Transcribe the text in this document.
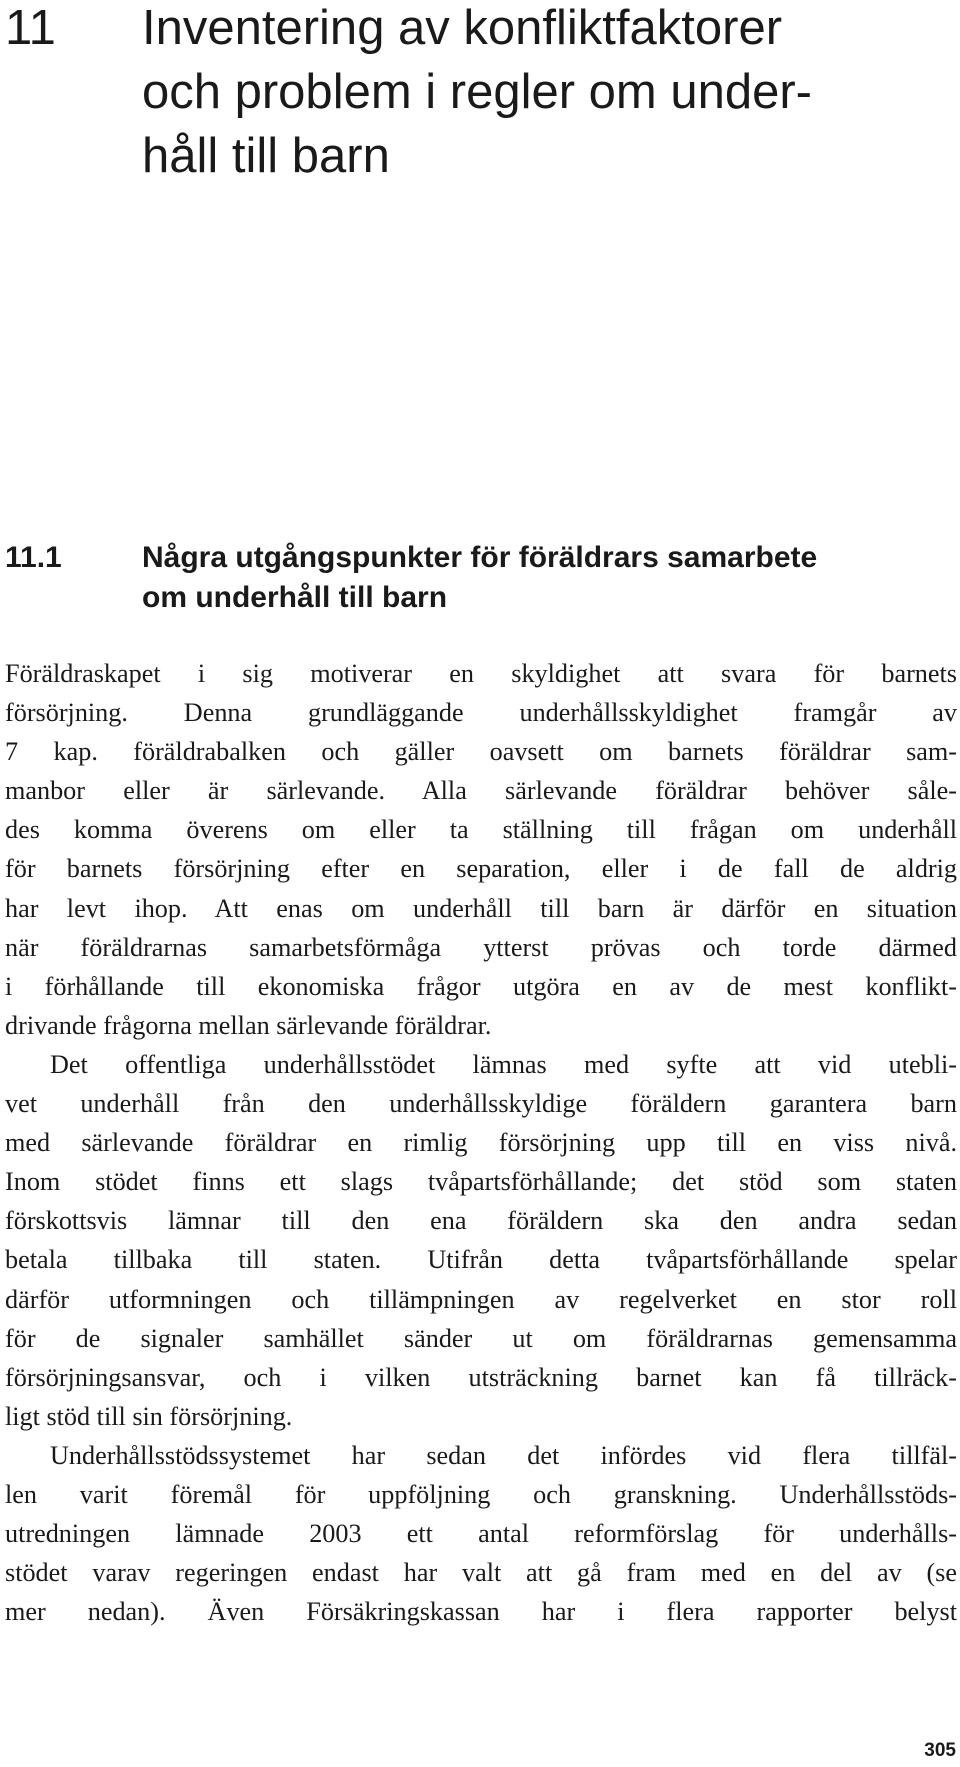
11 Inventering av konfliktfaktorer
och problem i regler om under-
håll till barn
11.1	Några utgångspunkter för föräldrars samarbete
om underhåll till barn
Föräldraskapet i sig motiverar en skyldighet att svara för barnets
försörjning. Denna grundläggande underhållsskyldighet framgår av
7 kap. föräldrabalken och gäller oavsett om barnets föräldrar sam-
manbor eller är särlevande. Alla särlevande föräldrar behöver såle-
des komma överens om eller ta ställning till frågan om underhåll
för barnets försörjning efter en separation, eller i de fall de aldrig
har levt ihop. Att enas om underhåll till barn är därför en situation
när föräldrarnas samarbetsförmåga ytterst prövas och torde därmed
i förhållande till ekonomiska frågor utgöra en av de mest konflikt-
drivande frågorna mellan särlevande föräldrar.
Det offentliga underhållsstödet lämnas med syfte att vid utebli-
vet underhåll från den underhållsskyldige föräldern garantera barn
med särlevande föräldrar en rimlig försörjning upp till en viss nivå.
Inom stödet finns ett slags tvåpartsförhållande; det stöd som staten
förskottsvis lämnar till den ena föräldern ska den andra sedan
betala tillbaka till staten. Utifrån detta tvåpartsförhållande spelar
därför utformningen och tillämpningen av regelverket en stor roll
för de signaler samhället sänder ut om föräldrarnas gemensamma
försörjningsansvar, och i vilken utsträckning barnet kan få tillräck-
ligt stöd till sin försörjning.
Underhållsstödssystemet har sedan det infördes vid flera tillfäl-
len varit föremål för uppföljning och granskning. Underhållsstöds-
utredningen lämnade 2003 ett antal reformförslag för underhålls-
stödet varav regeringen endast har valt att gå fram med en del av (se
mer nedan). Även Försäkringskassan har i flera rapporter belyst
305
